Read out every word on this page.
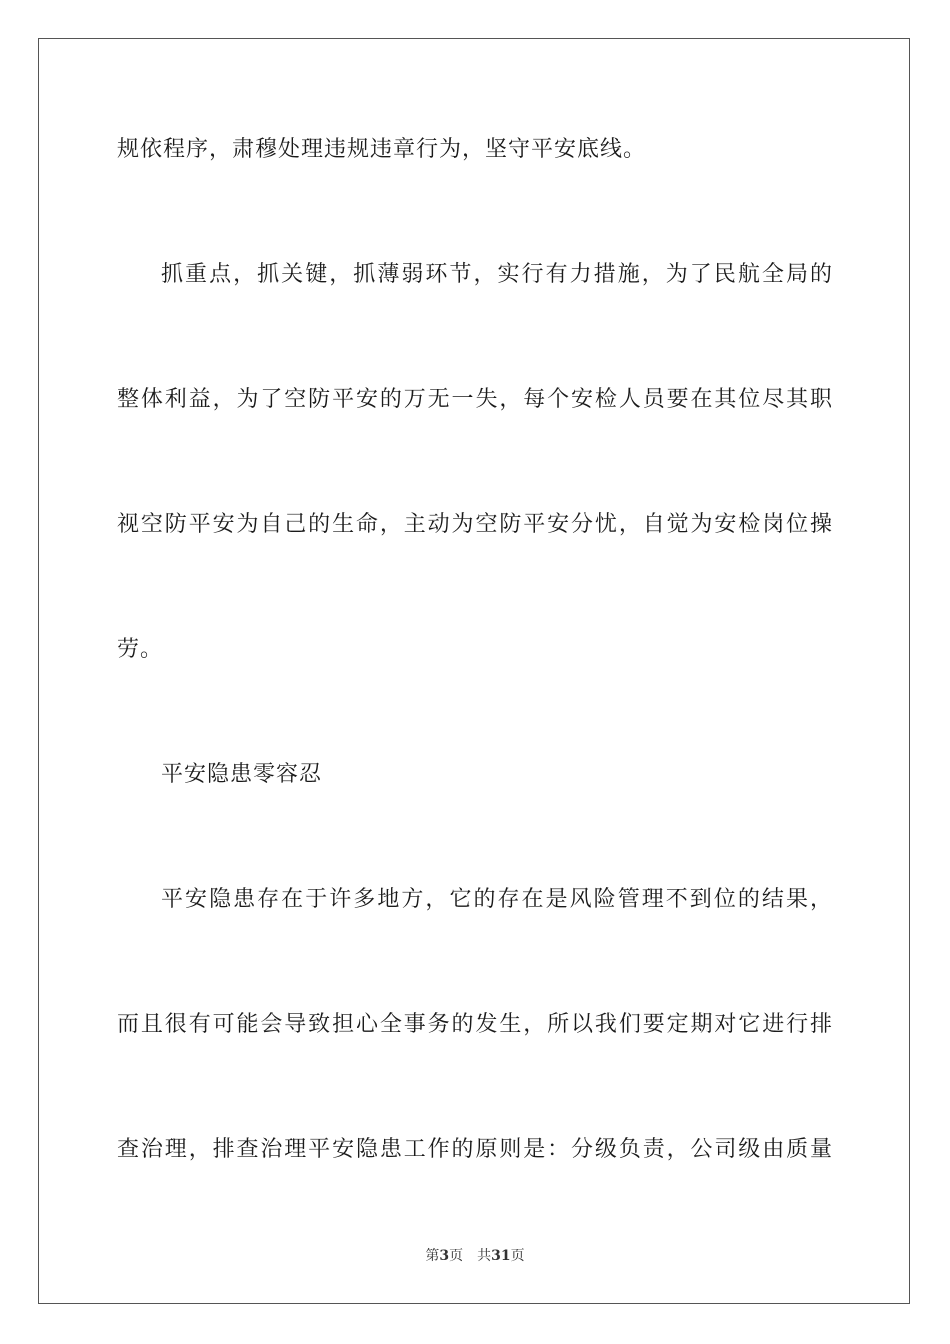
规依程序，肃穆处理违规违章行为，坚守平安底线。
抓重点，抓关键，抓薄弱环节，实行有力措施，为了民航全局的
整体利益，为了空防平安的万无一失，每个安检人员要在其位尽其职
视空防平安为自己的生命，主动为空防平安分忧，自觉为安检岗位操
劳。
平安隐患零容忍
平安隐患存在于许多地方，它的存在是风险管理不到位的结果，
而且很有可能会导致担心全事务的发生，所以我们要定期对它进行排
查治理，排查治理平安隐患工作的原则是：分级负责，公司级由质量
第3页 共31页
